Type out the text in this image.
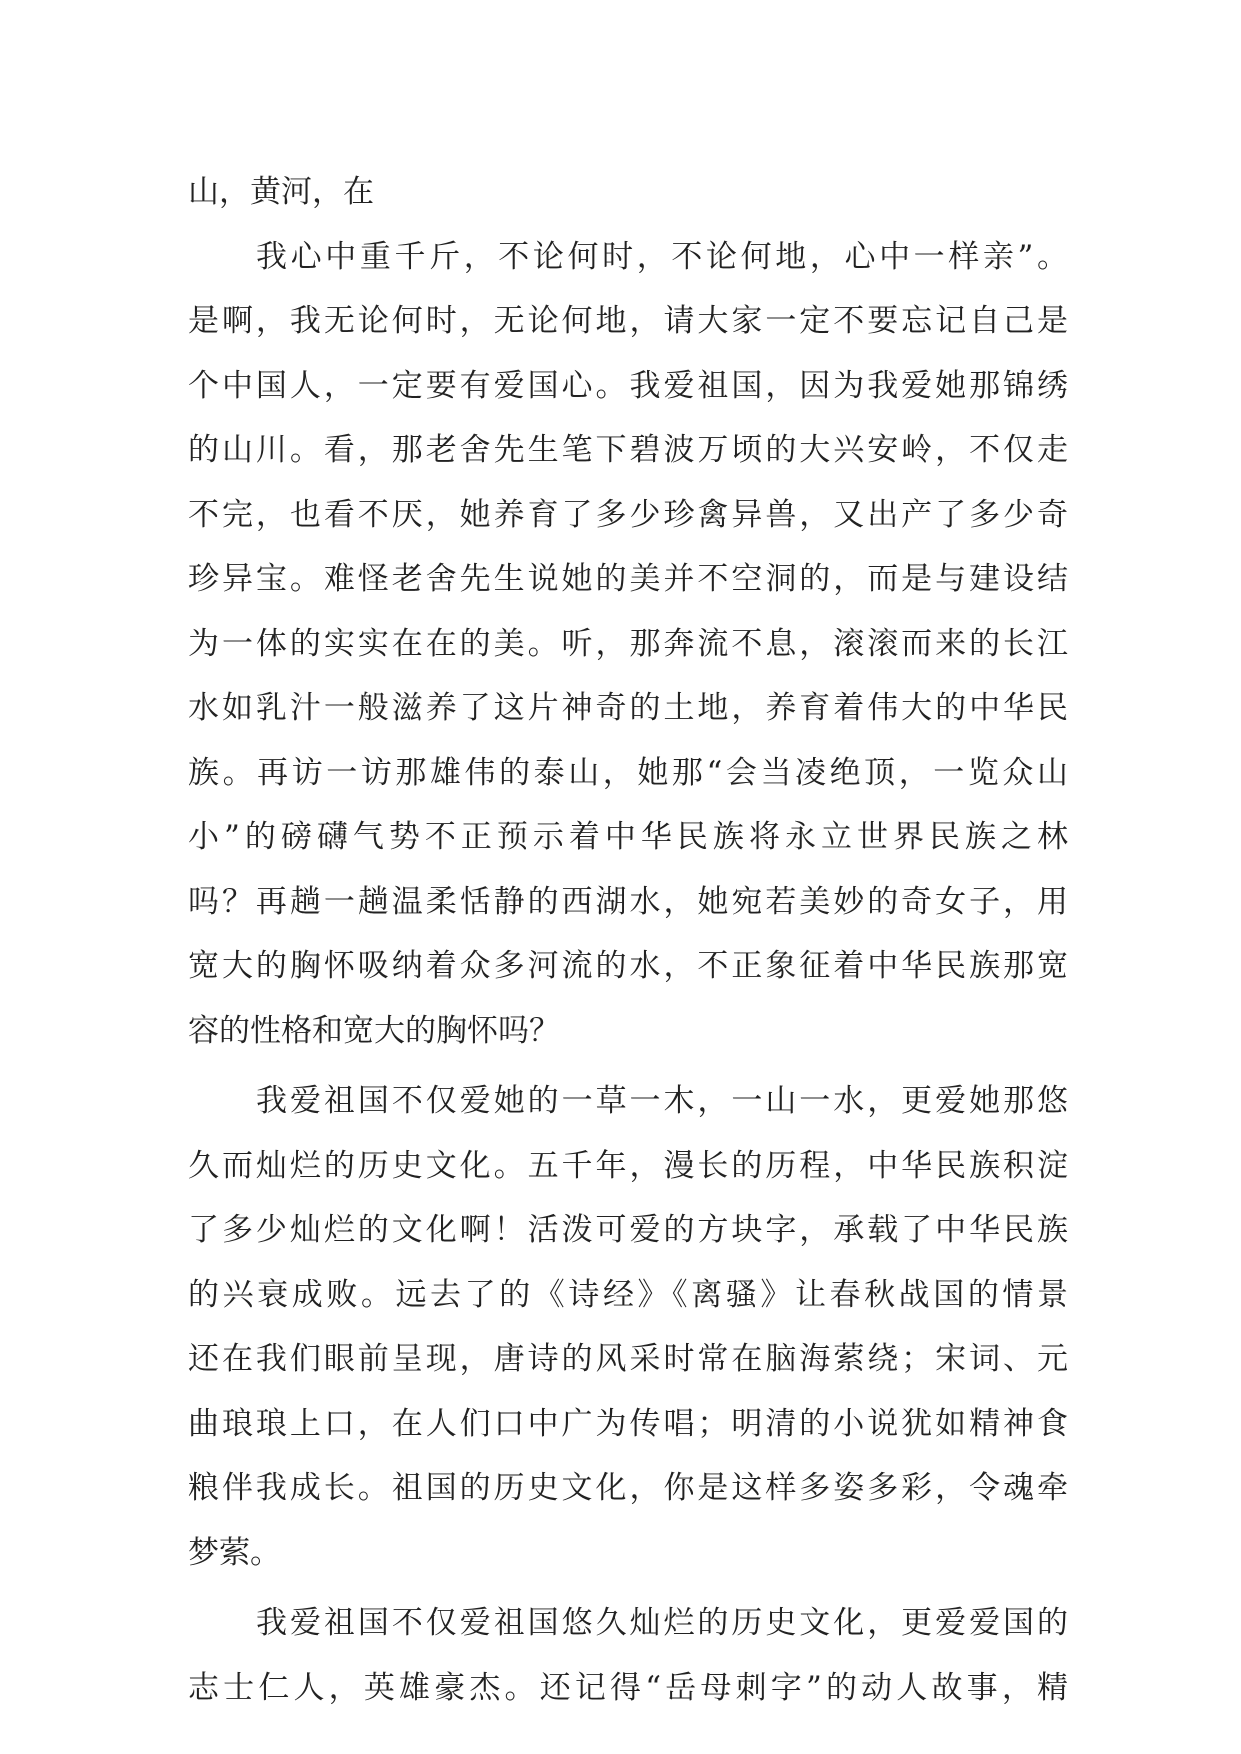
山，黄河，在
我心中重千斤，不论何时，不论何地，心中一样亲”。
是啊，我无论何时，无论何地，请大家一定不要忘记自己是
个中国人，一定要有爱国心。我爱祖国，因为我爱她那锦绣
的山川。看，那老舍先生笔下碧波万顷的大兴安岭，不仅走
不完，也看不厌，她养育了多少珍禽异兽，又出产了多少奇
珍异宝。难怪老舍先生说她的美并不空洞的，而是与建设结
为一体的实实在在的美。听，那奔流不息，滚滚而来的长江
水如乳汁一般滋养了这片神奇的土地，养育着伟大的中华民
族。再访一访那雄伟的泰山，她那“会当凌绝顶，一览众山
小”的磅礴气势不正预示着中华民族将永立世界民族之林
吗？再趟一趟温柔恬静的西湖水，她宛若美妙的奇女子，用
宽大的胸怀吸纳着众多河流的水，不正象征着中华民族那宽
容的性格和宽大的胸怀吗？
我爱祖国不仅爱她的一草一木，一山一水，更爱她那悠
久而灿烂的历史文化。五千年，漫长的历程，中华民族积淀
了多少灿烂的文化啊！活泼可爱的方块字，承载了中华民族
的兴衰成败。远去了的《诗经》《离骚》让春秋战国的情景
还在我们眼前呈现，唐诗的风采时常在脑海萦绕；宋词、元
曲琅琅上口，在人们口中广为传唱；明清的小说犹如精神食
粮伴我成长。祖国的历史文化，你是这样多姿多彩，令魂牵
梦萦。
我爱祖国不仅爱祖国悠久灿烂的历史文化，更爱爱国的
志士仁人，英雄豪杰。还记得“岳母刺字”的动人故事，精
